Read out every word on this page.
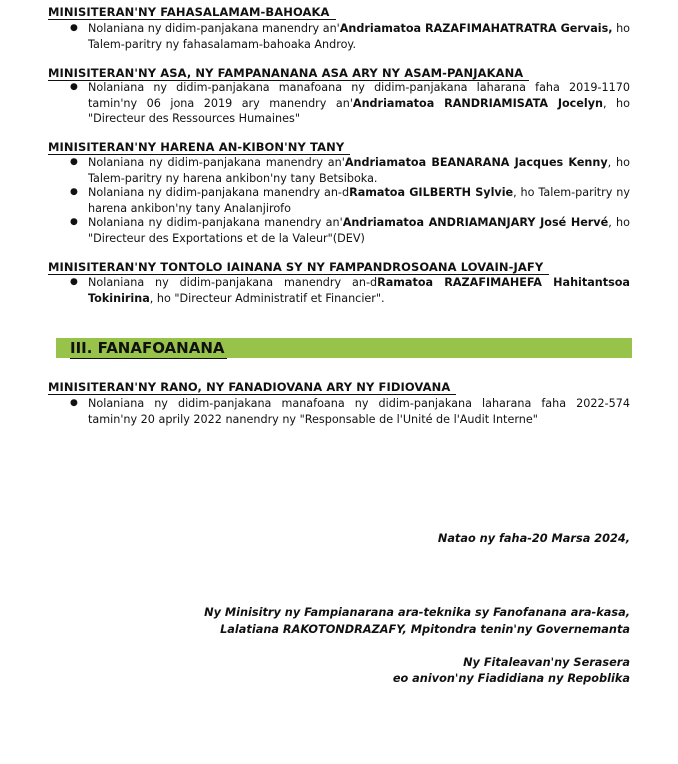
MINISITERAN'NY FAHASALAMAM-BAHOAKA
● Nolaniana ny didim-panjakana manendry an'Andriamatoa RAZAFIMAHATRATRA Gervais, ho Talem-paritry ny fahasalamam-bahoaka Androy.
MINISITERAN'NY ASA, NY FAMPANANANA ASA ARY NY ASAM-PANJAKANA
● Nolaniana ny didim-panjakana manafoana ny didim-panjakana laharana faha 2019-1170 tamin'ny 06 jona 2019 ary manendry an'Andriamatoa RANDRIAMISATA Jocelyn, ho "Directeur des Ressources Humaines"
MINISITERAN'NY HARENA AN-KIBON'NY TANY
● Nolaniana ny didim-panjakana manendry an'Andriamatoa BEANARANA Jacques Kenny, ho Talem-paritry ny harena ankibon'ny tany Betsiboka.
● Nolaniana ny didim-panjakana manendry an-dRamatoa GILBERTH Sylvie, ho Talem-paritry ny harena ankibon'ny tany Analanjirofo
● Nolaniana ny didim-panjakana manendry an'Andriamatoa ANDRIAMANJARY José Hervé, ho "Directeur des Exportations et de la Valeur"(DEV)
MINISITERAN'NY TONTOLO IAINANA SY NY FAMPANDROSOANA LOVAIN-JAFY
● Nolaniana ny didim-panjakana manendry an-dRamatoa RAZAFIMAHEFA Hahitantsoa Tokinirina, ho "Directeur Administratif et Financier".
III. FANAFOANANA
MINISITERAN'NY RANO, NY FANADIOVANA ARY NY FIDIOVANA
● Nolaniana ny didim-panjakana manafoana ny didim-panjakana laharana faha 2022-574 tamin'ny 20 aprily 2022 nanendry ny "Responsable de l'Unité de l'Audit Interne"
Natao ny faha-20 Marsa 2024,
Ny Minisitry ny Fampianarana ara-teknika sy Fanofanana ara-kasa,
Lalatiana RAKOTONDRAZAFY, Mpitondra tenin'ny Governemanta
Ny Fitaleavan'ny Serasera
eo anivon'ny Fiadidiana ny Repoblika
